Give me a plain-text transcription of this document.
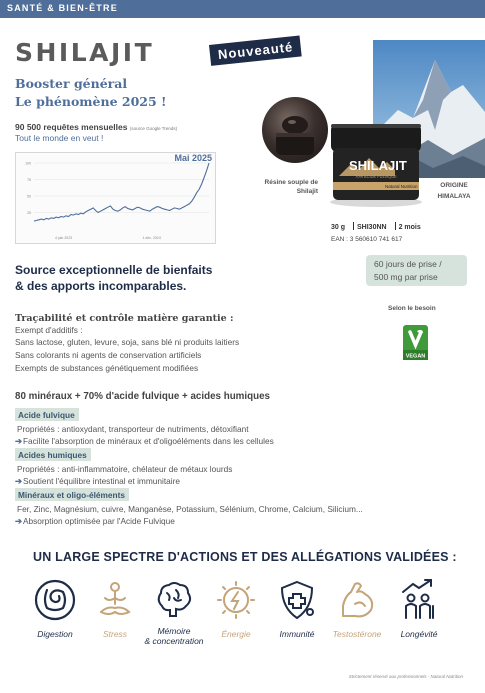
SANTÉ & BIEN-ÊTRE
SHILAJIT	Nouveauté
Booster général
Le phénomène 2025 !
90 500 requêtes mensuelles (source Google Trends)
Tout le monde en veut !
100
75
50
25
4 juin 2023	1 déc. 2024
Mai 2025
Résine souple de Shilajit
SHILAJIT
70% ACIDE FULVIQUE
Natural Nutrition	ORIGINE
HIMALAYA
30 g SHI30NN 2 mois
EAN : 3 560610 741 617
60 jours de prise /
500 mg par prise
Selon le besoin
VEGAN
Source exceptionnelle de bienfaits
& des apports incomparables.
Traçabilité et contrôle matière garantie :
Exempt d'additifs :
Sans lactose, gluten, levure, soja, sans blé ni produits laitiers
Sans colorants ni agents de conservation artificiels
Exempts de substances génétiquement modifiées
80 minéraux + 70% d'acide fulvique + acides humiques
Acide fulvique
Propriétés : antioxydant, transporteur de nutriments, détoxifiant
➔Facilite l'absorption de minéraux et d'oligoéléments dans les cellules
Acides humiques
Propriétés : anti-inflammatoire, chélateur de métaux lourds
➔Soutient l'équilibre intestinal et immunitaire
Minéraux et oligo-éléments
Fer, Zinc, Magnésium, cuivre, Manganèse, Potassium, Sélénium, Chrome, Calcium, Silicium...
➔Absorption optimisée par l'Acide Fulvique
UN LARGE SPECTRE D'ACTIONS ET DES ALLÉGATIONS VALIDÉES :
Digestion	Stress	Mémoire
& concentration
Énergie	Immunité	Testostérone	Longévité
Strictement réservé aux professionnels - Natural Nutrition
